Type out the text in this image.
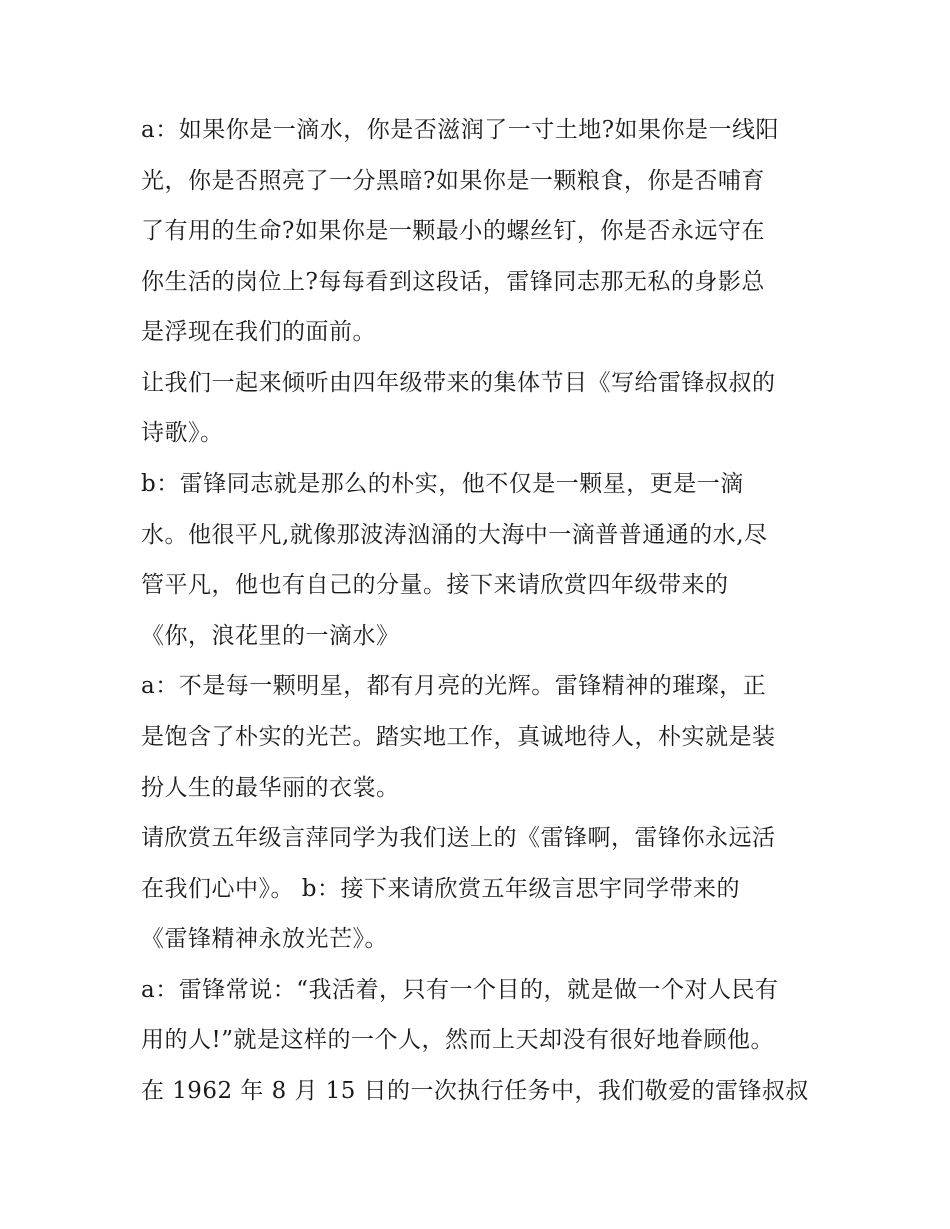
a：如果你是一滴水，你是否滋润了一寸土地?如果你是一线阳
光，你是否照亮了一分黑暗?如果你是一颗粮食，你是否哺育
了有用的生命?如果你是一颗最小的螺丝钉，你是否永远守在
你生活的岗位上?每每看到这段话，雷锋同志那无私的身影总
是浮现在我们的面前。
让我们一起来倾听由四年级带来的集体节目《写给雷锋叔叔的
诗歌》。
b：雷锋同志就是那么的朴实，他不仅是一颗星，更是一滴
水。他很平凡,就像那波涛汹涌的大海中一滴普普通通的水,尽
管平凡，他也有自己的分量。接下来请欣赏四年级带来的
《你，浪花里的一滴水》
a：不是每一颗明星，都有月亮的光辉。雷锋精神的璀璨，正
是饱含了朴实的光芒。踏实地工作，真诚地待人，朴实就是装
扮人生的最华丽的衣裳。
请欣赏五年级言萍同学为我们送上的《雷锋啊，雷锋你永远活
在我们心中》。 b：接下来请欣赏五年级言思宇同学带来的
《雷锋精神永放光芒》。
a：雷锋常说：“我活着，只有一个目的，就是做一个对人民有
用的人!”就是这样的一个人，然而上天却没有很好地眷顾他。
在 1962 年 8 月 15 日的一次执行任务中，我们敬爱的雷锋叔叔
